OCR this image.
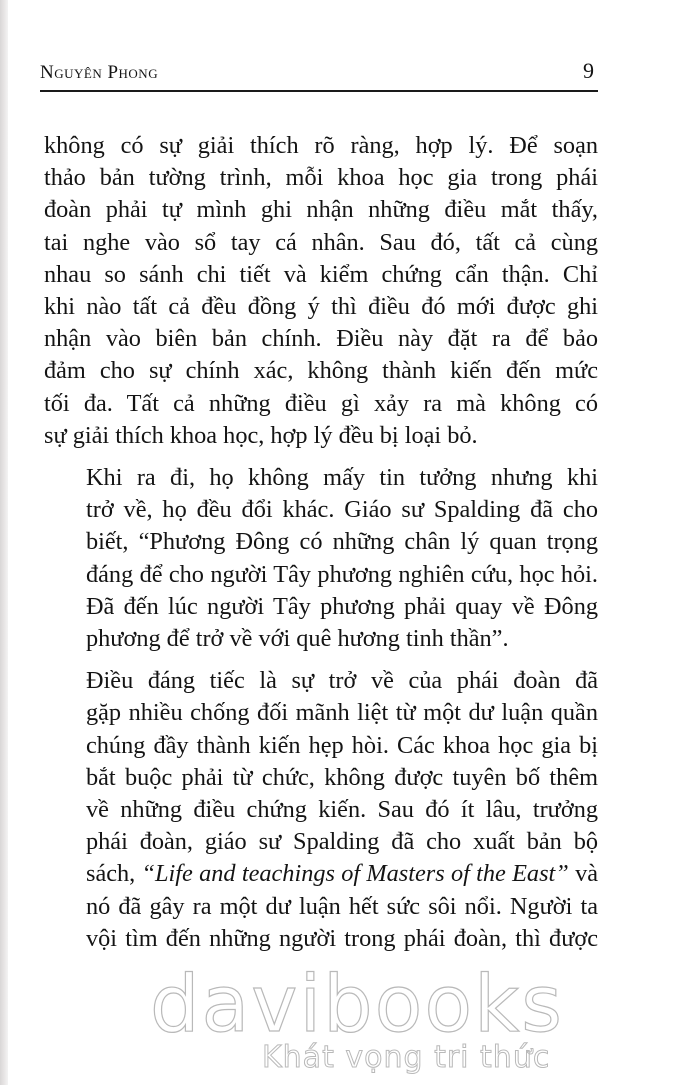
Nguyên Phong	9

không có sự giải thích rõ ràng, hợp lý. Để soạn
thảo bản tường trình, mỗi khoa học gia trong phái
đoàn phải tự mình ghi nhận những điều mắt thấy,
tai nghe vào sổ tay cá nhân. Sau đó, tất cả cùng
nhau so sánh chi tiết và kiểm chứng cẩn thận. Chỉ
khi nào tất cả đều đồng ý thì điều đó mới được ghi
nhận vào biên bản chính. Điều này đặt ra để bảo
đảm cho sự chính xác, không thành kiến đến mức
tối đa. Tất cả những điều gì xảy ra mà không có
sự giải thích khoa học, hợp lý đều bị loại bỏ.

Khi ra đi, họ không mấy tin tưởng nhưng khi
trở về, họ đều đổi khác. Giáo sư Spalding đã cho
biết, “Phương Đông có những chân lý quan trọng
đáng để cho người Tây phương nghiên cứu, học hỏi.
Đã đến lúc người Tây phương phải quay về Đông
phương để trở về với quê hương tinh thần”.

Điều đáng tiếc là sự trở về của phái đoàn đã
gặp nhiều chống đối mãnh liệt từ một dư luận quần
chúng đầy thành kiến hẹp hòi. Các khoa học gia bị
bắt buộc phải từ chức, không được tuyên bố thêm
về những điều chứng kiến. Sau đó ít lâu, trưởng
phái đoàn, giáo sư Spalding đã cho xuất bản bộ
sách, “Life and teachings of Masters of the East” và
nó đã gây ra một dư luận hết sức sôi nổi. Người ta
vội tìm đến những người trong phái đoàn, thì được

davibooks
Khát vọng tri thức
